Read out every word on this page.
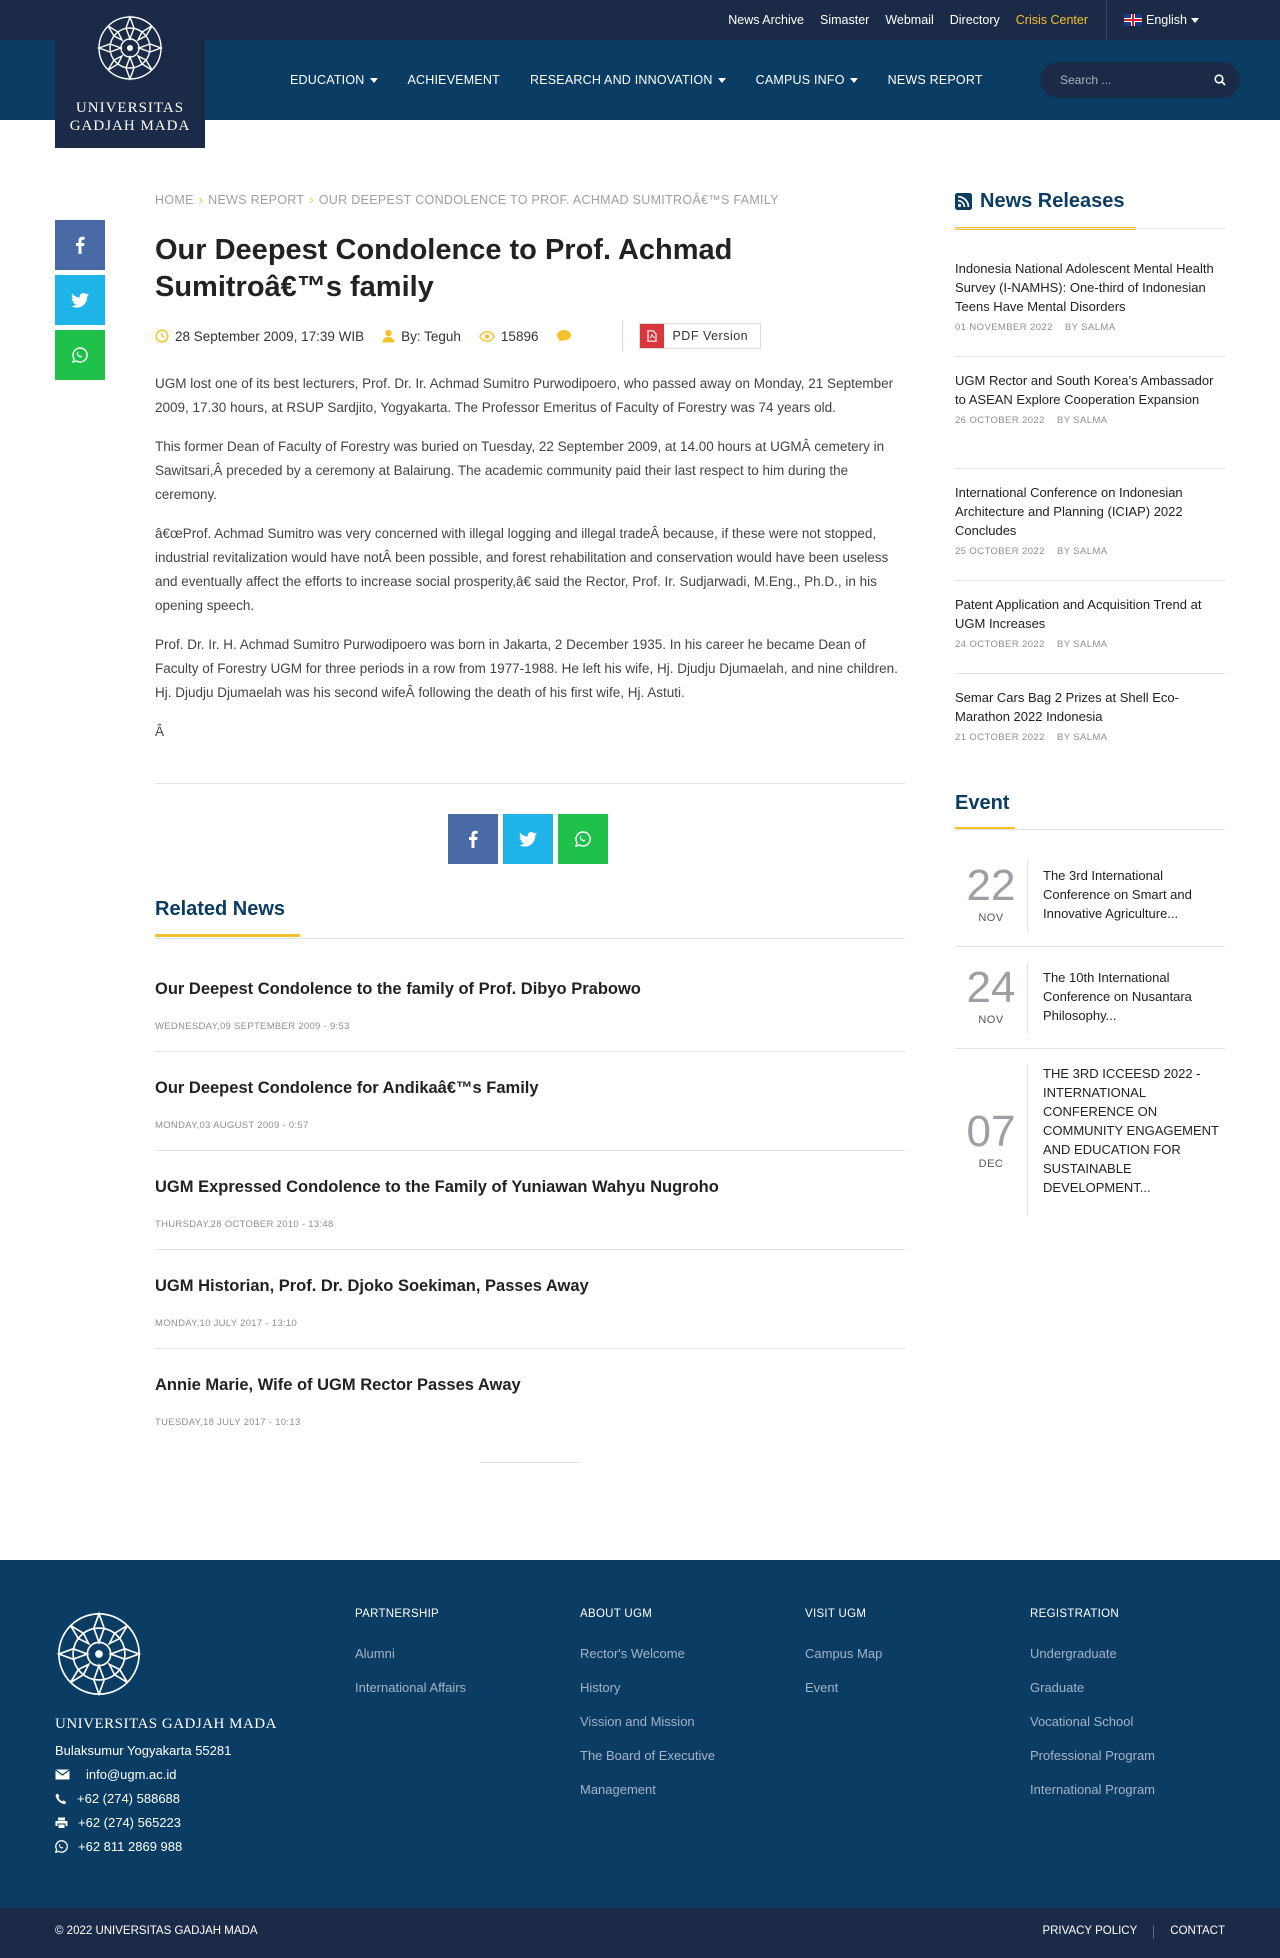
News Archive Simaster Webmail Directory Crisis Center	English
UNIVERSITAS
GADJAH MADA
EDUCATION	ACHIEVEMENT RESEARCH AND INNOVATION	CAMPUS INFO	NEWS REPORT	Search ...
HOME › NEWS REPORT › OUR DEEPEST CONDOLENCE TO PROF. ACHMAD SUMITROÂ€™S FAMILY
Our Deepest Condolence to Prof. Achmad Sumitroâ€™s family
28 September 2009, 17:39 WIB	By: Teguh	15896	PDF Version

UGM lost one of its best lecturers, Prof. Dr. Ir. Achmad Sumitro Purwodipoero, who passed away on Monday, 21 September 2009, 17.30 hours, at RSUP Sardjito, Yogyakarta. The Professor Emeritus of Faculty of Forestry was 74 years old.

This former Dean of Faculty of Forestry was buried on Tuesday, 22 September 2009, at 14.00 hours at UGMÂ cemetery in Sawitsari,Â preceded by a ceremony at Balairung. The academic community paid their last respect to him during the ceremony.

â€œProf. Achmad Sumitro was very concerned with illegal logging and illegal tradeÂ because, if these were not stopped, industrial revitalization would have notÂ been possible, and forest rehabilitation and conservation would have been useless and eventually affect the efforts to increase social prosperity,â€ said the Rector, Prof. Ir. Sudjarwadi, M.Eng., Ph.D., in his opening speech.

Prof. Dr. Ir. H. Achmad Sumitro Purwodipoero was born in Jakarta, 2 December 1935. In his career he became Dean of Faculty of Forestry UGM for three periods in a row from 1977-1988. He left his wife, Hj. Djudju Djumaelah, and nine children. Hj. Djudju Djumaelah was his second wifeÂ following the death of his first wife, Hj. Astuti.

Â

Related News
Our Deepest Condolence to the family of Prof. Dibyo Prabowo
WEDNESDAY,09 SEPTEMBER 2009 - 9:53
Our Deepest Condolence for Andikaâ€™s Family
MONDAY,03 AUGUST 2009 - 0:57
UGM Expressed Condolence to the Family of Yuniawan Wahyu Nugroho
THURSDAY,28 OCTOBER 2010 - 13:48
UGM Historian, Prof. Dr. Djoko Soekiman, Passes Away
MONDAY,10 JULY 2017 - 13:10
Annie Marie, Wife of UGM Rector Passes Away
TUESDAY,18 JULY 2017 - 10:13
News Releases
Indonesia National Adolescent Mental Health Survey (I-NAMHS): One-third of Indonesian Teens Have Mental Disorders
01 NOVEMBER 2022 BY SALMA
UGM Rector and South Korea’s Ambassador to ASEAN Explore Cooperation Expansion
26 OCTOBER 2022 BY SALMA
International Conference on Indonesian Architecture and Planning (ICIAP) 2022 Concludes
25 OCTOBER 2022 BY SALMA
Patent Application and Acquisition Trend at UGM Increases
24 OCTOBER 2022 BY SALMA
Semar Cars Bag 2 Prizes at Shell Eco-Marathon 2022 Indonesia
21 OCTOBER 2022 BY SALMA
Event
22
NOV
The 3rd International Conference on Smart and Innovative Agriculture...
24
NOV
The 10th International Conference on Nusantara Philosophy...
07
DEC
THE 3RD ICCEESD 2022 - INTERNATIONAL CONFERENCE ON COMMUNITY ENGAGEMENT AND EDUCATION FOR SUSTAINABLE DEVELOPMENT...
UNIVERSITAS GADJAH MADA
Bulaksumur Yogyakarta 55281
info@ugm.ac.id
+62 (274) 588688
+62 (274) 565223
+62 811 2869 988
PARTNERSHIP
Alumni
International Affairs
ABOUT UGM
Rector's Welcome
History
Vission and Mission
The Board of Executive
Management
VISIT UGM
Campus Map
Event
REGISTRATION
Undergraduate
Graduate
Vocational School
Professional Program
International Program
© 2022 UNIVERSITAS GADJAH MADA	PRIVACY POLICY	CONTACT
